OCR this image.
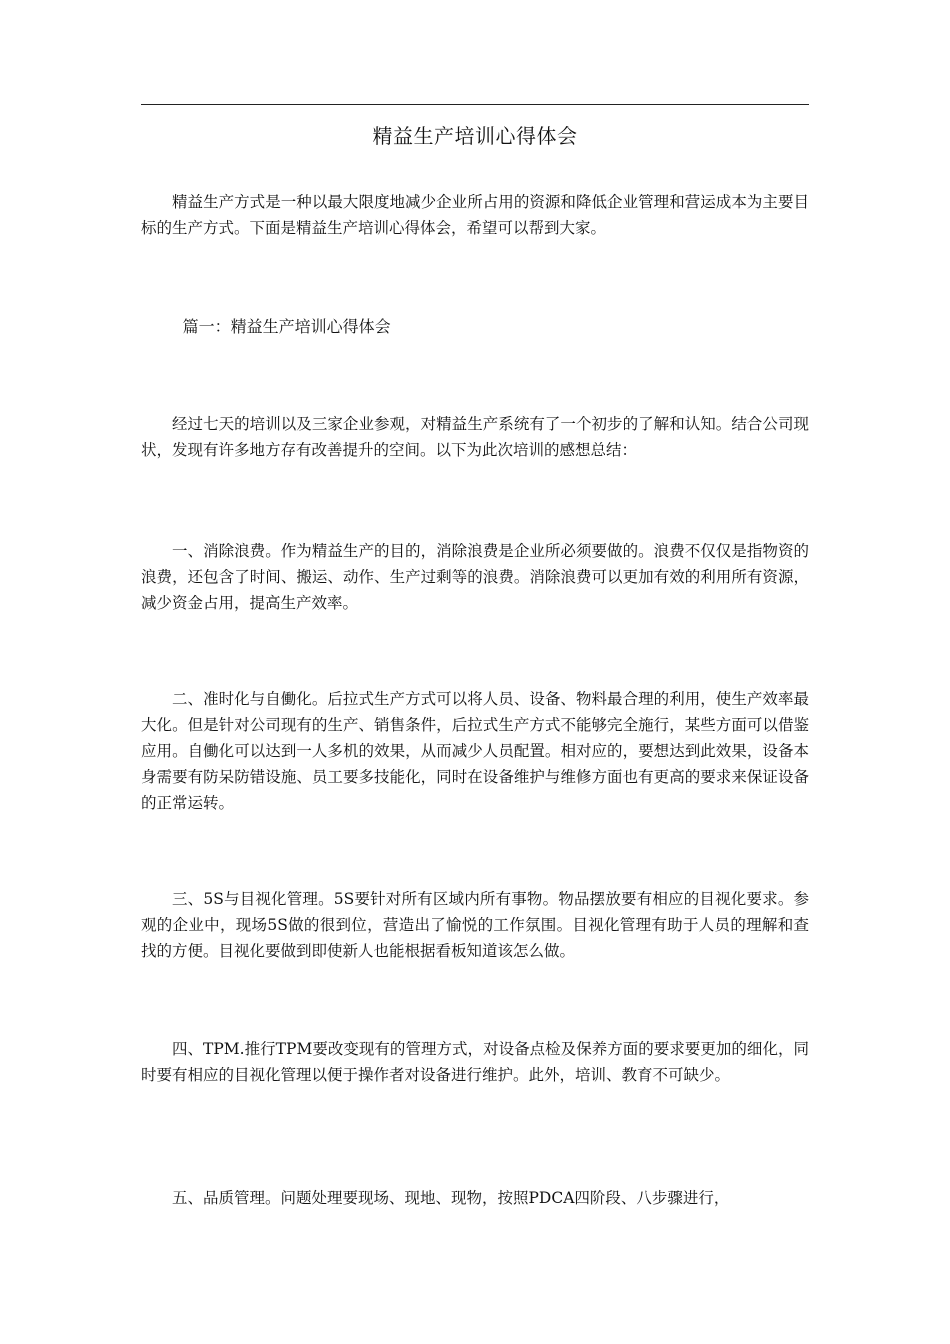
精益生产培训心得体会

精益生产方式是一种以最大限度地减少企业所占用的资源和降低企业管理和营运成本为主要目标的生产方式。下面是精益生产培训心得体会，希望可以帮到大家。

篇一：精益生产培训心得体会

经过七天的培训以及三家企业参观，对精益生产系统有了一个初步的了解和认知。结合公司现状，发现有许多地方存有改善提升的空间。以下为此次培训的感想总结：

一、消除浪费。作为精益生产的目的，消除浪费是企业所必须要做的。浪费不仅仅是指物资的浪费，还包含了时间、搬运、动作、生产过剩等的浪费。消除浪费可以更加有效的利用所有资源，减少资金占用，提高生产效率。

二、准时化与自働化。后拉式生产方式可以将人员、设备、物料最合理的利用，使生产效率最大化。但是针对公司现有的生产、销售条件，后拉式生产方式不能够完全施行，某些方面可以借鉴应用。自働化可以达到一人多机的效果，从而减少人员配置。相对应的，要想达到此效果，设备本身需要有防呆防错设施、员工要多技能化，同时在设备维护与维修方面也有更高的要求来保证设备的正常运转。

三、5S与目视化管理。5S要针对所有区域内所有事物。物品摆放要有相应的目视化要求。参观的企业中，现场5S做的很到位，营造出了愉悦的工作氛围。目视化管理有助于人员的理解和查找的方便。目视化要做到即使新人也能根据看板知道该怎么做。

四、TPM.推行TPM要改变现有的管理方式，对设备点检及保养方面的要求要更加的细化，同时要有相应的目视化管理以便于操作者对设备进行维护。此外，培训、教育不可缺少。

五、品质管理。问题处理要现场、现地、现物，按照PDCA四阶段、八步骤进行，
